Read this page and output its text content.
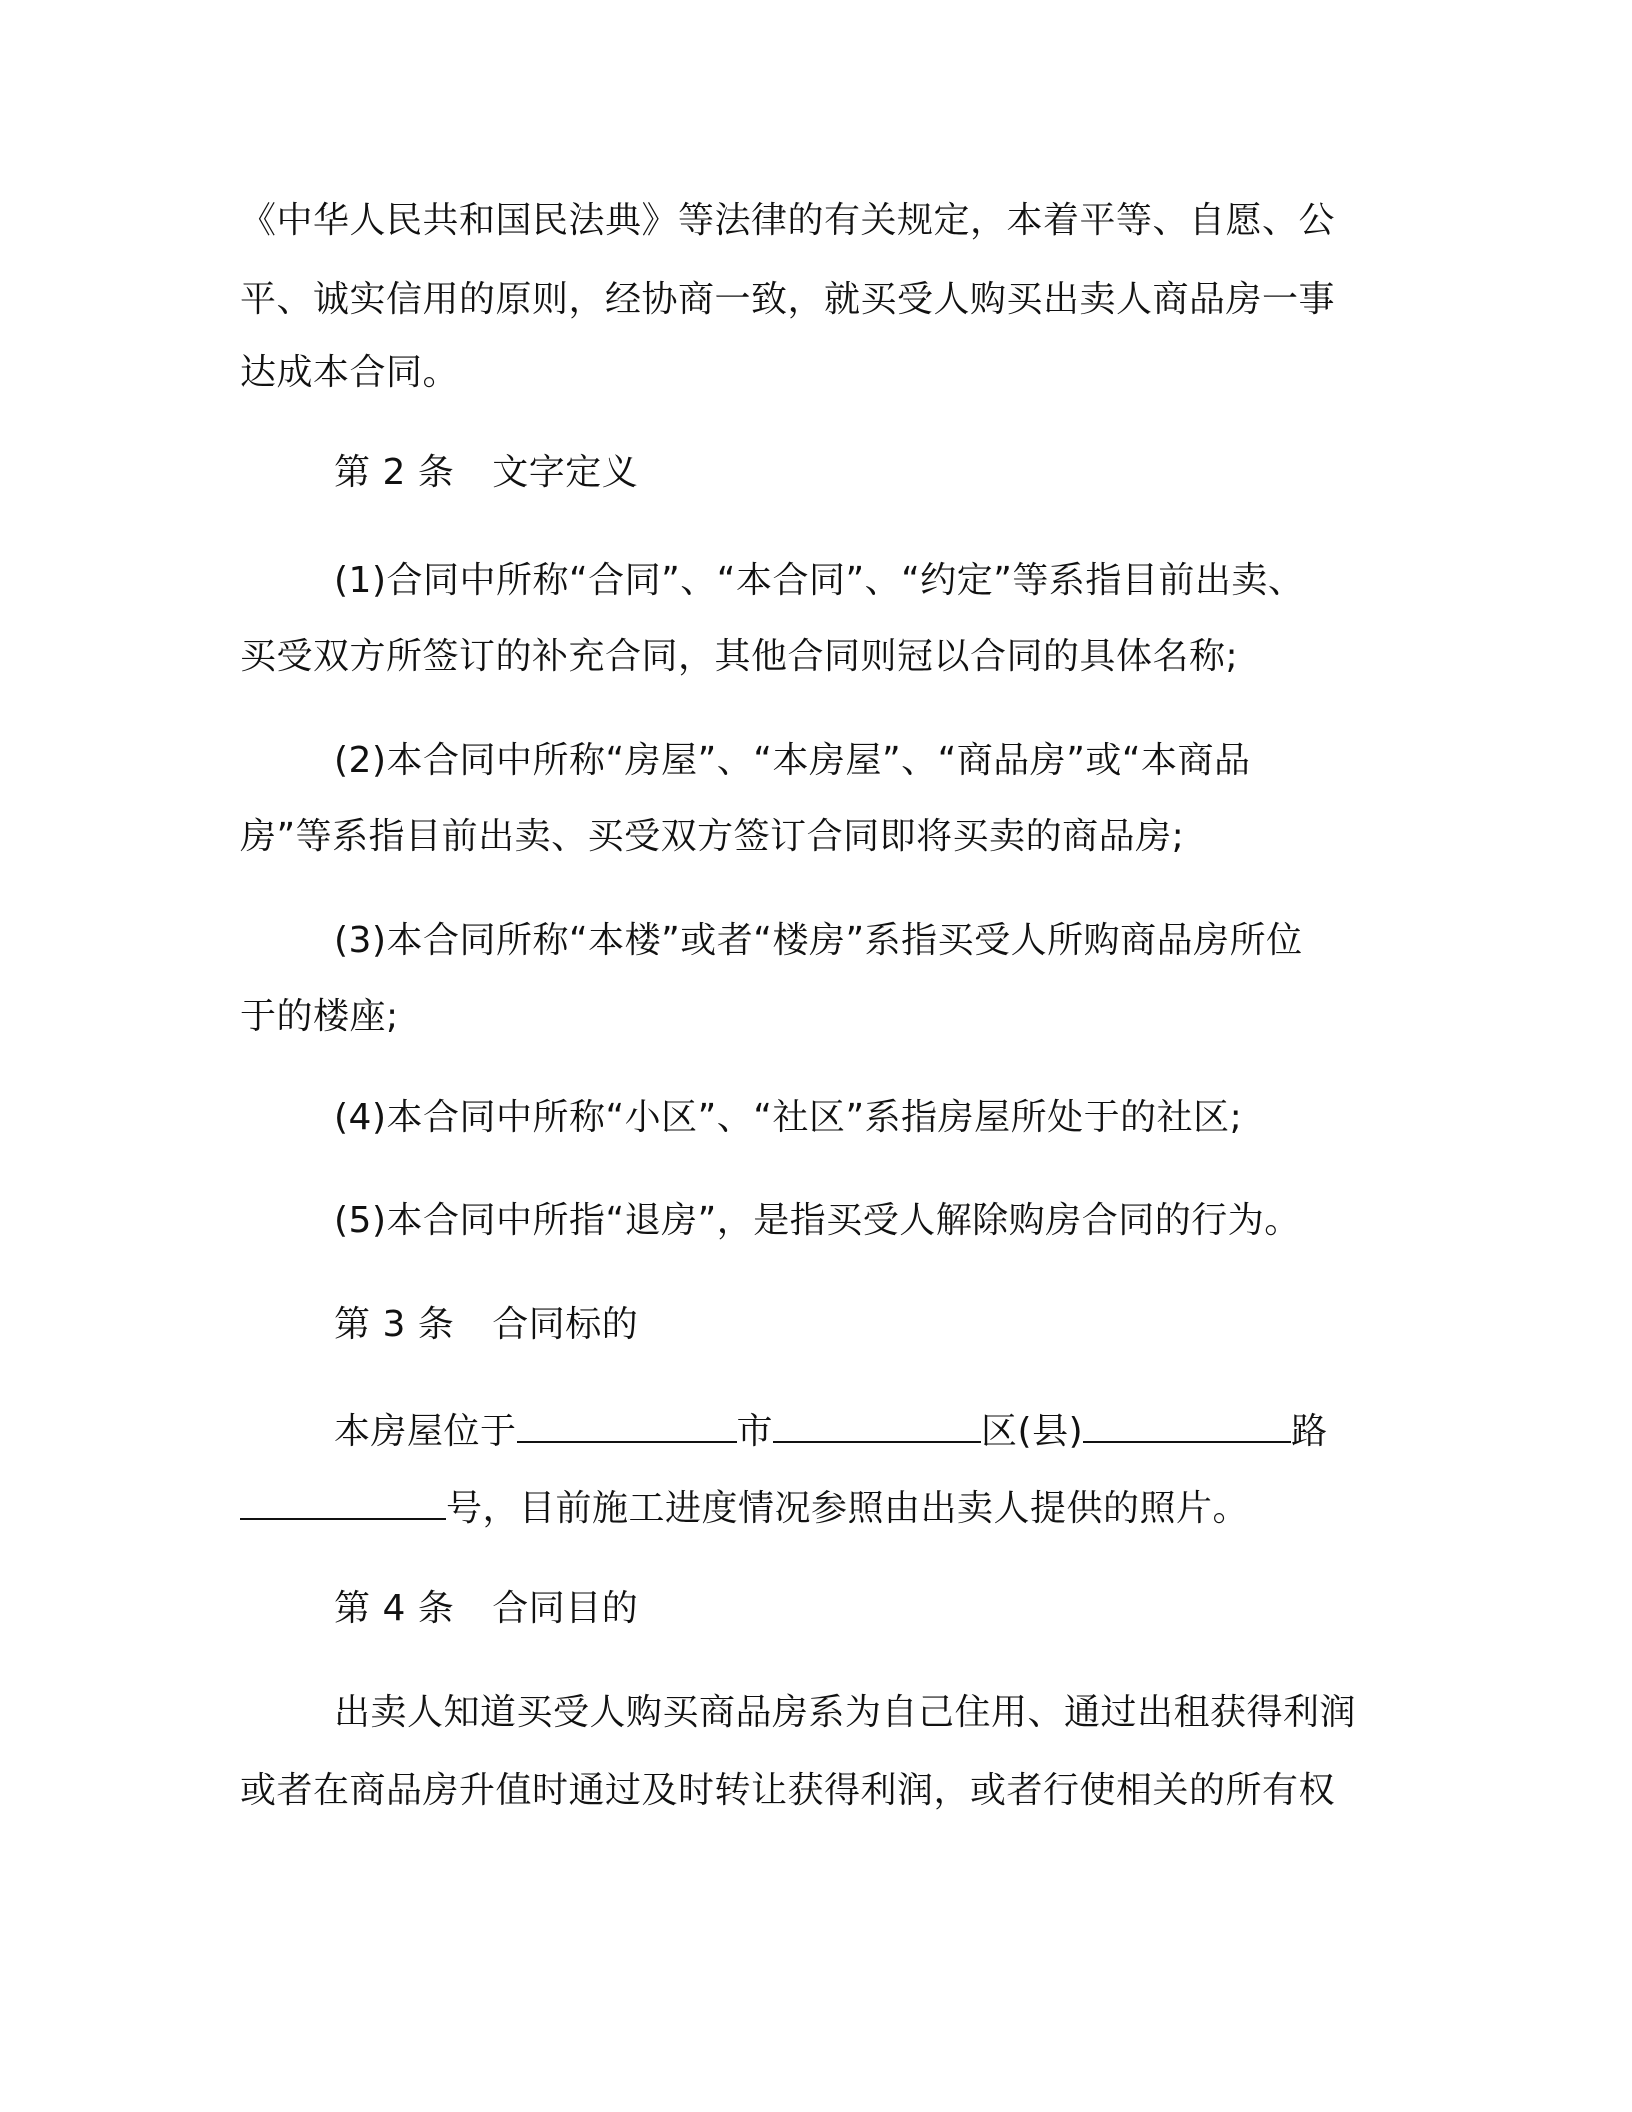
《中华人民共和国民法典》等法律的有关规定，本着平等、自愿、公
平、诚实信用的原则，经协商一致，就买受人购买出卖人商品房一事
达成本合同。
第 2 条 文字定义
(1)合同中所称“合同”、“本合同”、“约定”等系指目前出卖、
买受双方所签订的补充合同，其他合同则冠以合同的具体名称;
(2)本合同中所称“房屋”、“本房屋”、“商品房”或“本商品
房”等系指目前出卖、买受双方签订合同即将买卖的商品房;
(3)本合同所称“本楼”或者“楼房”系指买受人所购商品房所位
于的楼座;
(4)本合同中所称“小区”、“社区”系指房屋所处于的社区;
(5)本合同中所指“退房”，是指买受人解除购房合同的行为。
第 3 条 合同标的
本房屋位于	市	区(县)	路
号，目前施工进度情况参照由出卖人提供的照片。
第 4 条 合同目的
出卖人知道买受人购买商品房系为自己住用、通过出租获得利润
或者在商品房升值时通过及时转让获得利润，或者行使相关的所有权
